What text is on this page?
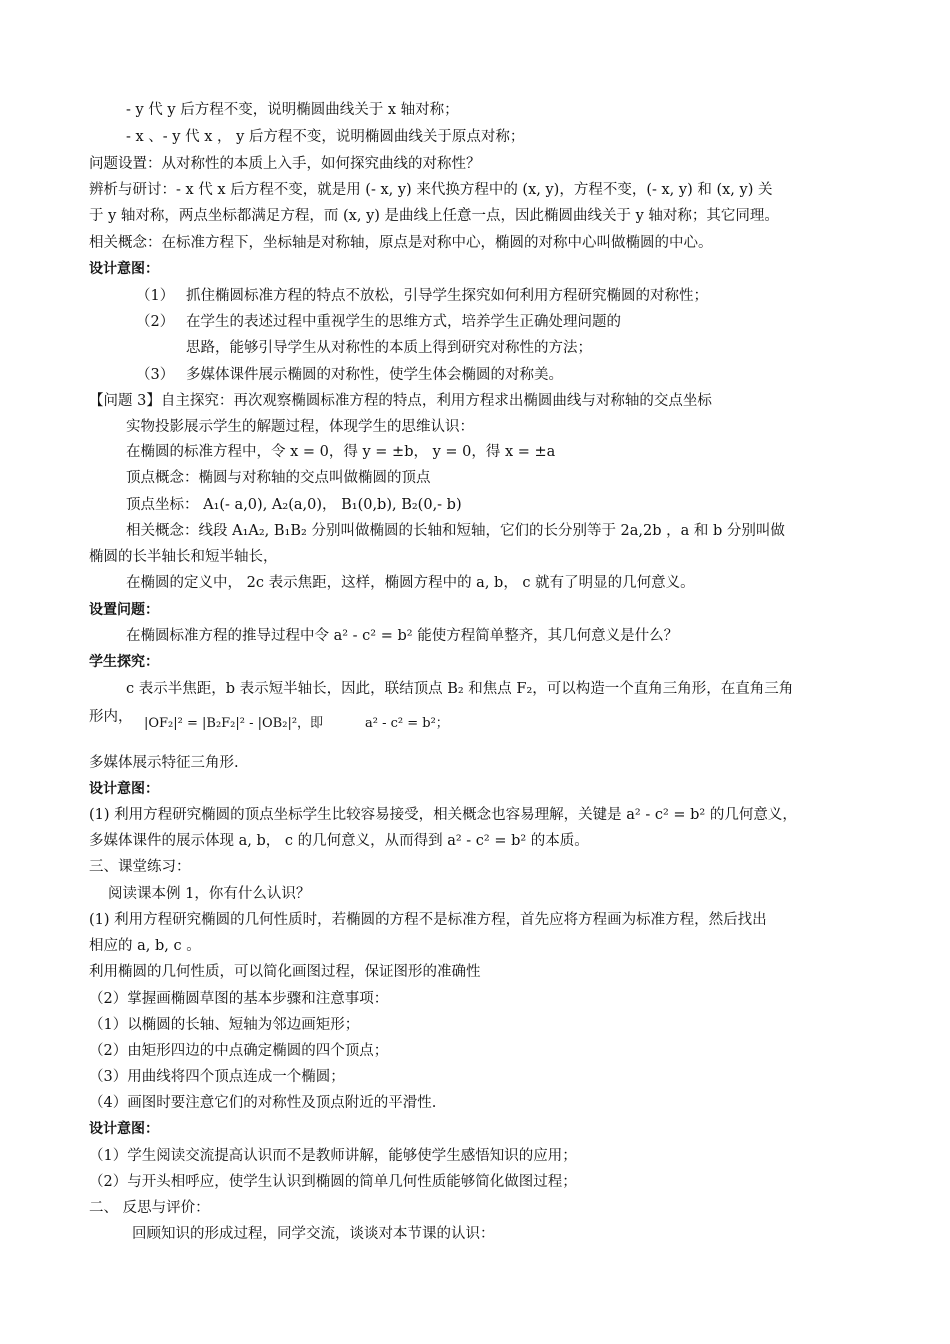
- y 代 y 后方程不变，说明椭圆曲线关于 x 轴对称；
- x 、- y 代 x ， y 后方程不变，说明椭圆曲线关于原点对称；
问题设置：从对称性的本质上入手，如何探究曲线的对称性？
辨析与研讨：- x 代 x 后方程不变，就是用 (- x, y) 来代换方程中的 (x, y)，方程不变，(- x, y) 和 (x, y) 关
于 y 轴对称，两点坐标都满足方程，而 (x, y) 是曲线上任意一点，因此椭圆曲线关于 y 轴对称；其它同理。
相关概念：在标准方程下，坐标轴是对称轴，原点是对称中心，椭圆的对称中心叫做椭圆的中心。
设计意图：
（1） 抓住椭圆标准方程的特点不放松，引导学生探究如何利用方程研究椭圆的对称性；
（2） 在学生的表述过程中重视学生的思维方式，培养学生正确处理问题的
思路，能够引导学生从对称性的本质上得到研究对称性的方法；
（3） 多媒体课件展示椭圆的对称性，使学生体会椭圆的对称美。
【问题 3】自主探究：再次观察椭圆标准方程的特点，利用方程求出椭圆曲线与对称轴的交点坐标
实物投影展示学生的解题过程，体现学生的思维认识：
在椭圆的标准方程中，令 x = 0，得 y = ±b， y = 0，得 x = ±a
顶点概念：椭圆与对称轴的交点叫做椭圆的顶点
顶点坐标： A₁(- a,0), A₂(a,0)， B₁(0,b), B₂(0,- b)
相关概念：线段 A₁A₂, B₁B₂ 分别叫做椭圆的长轴和短轴，它们的长分别等于 2a,2b ，a 和 b 分别叫做
椭圆的长半轴长和短半轴长，
在椭圆的定义中， 2c 表示焦距，这样，椭圆方程中的 a, b， c 就有了明显的几何意义。
设置问题：
在椭圆标准方程的推导过程中令 a² - c² = b² 能使方程简单整齐，其几何意义是什么？
学生探究：
c 表示半焦距，b 表示短半轴长，因此，联结顶点 B₂ 和焦点 F₂，可以构造一个直角三角形，在直角三角
形内， |OF₂|² = |B₂F₂|² - |OB₂|²，即	a² - c² = b²；
多媒体展示特征三角形.
设计意图：
(1) 利用方程研究椭圆的顶点坐标学生比较容易接受，相关概念也容易理解，关键是 a² - c² = b² 的几何意义，
多媒体课件的展示体现 a, b， c 的几何意义，从而得到 a² - c² = b² 的本质。
三、课堂练习：
阅读课本例 1，你有什么认识？
(1) 利用方程研究椭圆的几何性质时，若椭圆的方程不是标准方程，首先应将方程画为标准方程，然后找出
相应的 a, b, c 。
利用椭圆的几何性质，可以简化画图过程，保证图形的准确性
（2）掌握画椭圆草图的基本步骤和注意事项：
（1）以椭圆的长轴、短轴为邻边画矩形；
（2）由矩形四边的中点确定椭圆的四个顶点；
（3）用曲线将四个顶点连成一个椭圆；
（4）画图时要注意它们的对称性及顶点附近的平滑性.
设计意图：
（1）学生阅读交流提高认识而不是教师讲解，能够使学生感悟知识的应用；
（2）与开头相呼应，使学生认识到椭圆的简单几何性质能够简化做图过程；
二、 反思与评价：
回顾知识的形成过程，同学交流，谈谈对本节课的认识：
